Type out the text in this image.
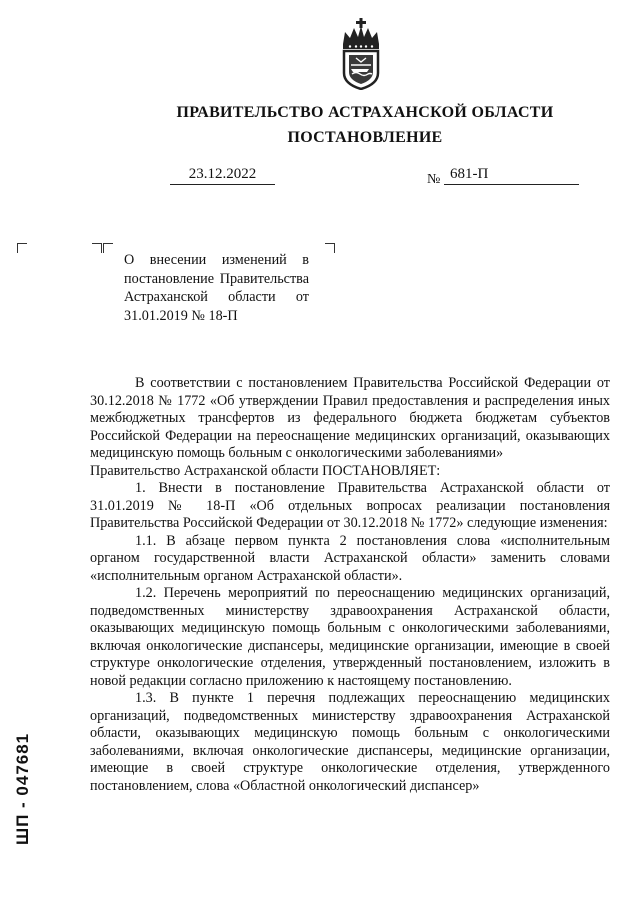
ПРАВИТЕЛЬСТВО АСТРАХАНСКОЙ ОБЛАСТИ
ПОСТАНОВЛЕНИЕ
23.12.2022	№ 681-П

О внесении изменений в постановление Правительства Астраханской области от 31.01.2019 № 18-П

В соответствии с постановлением Правительства Российской Федерации от 30.12.2018 № 1772 «Об утверждении Правил предоставления и распределения иных межбюджетных трансфертов из федерального бюджета бюджетам субъектов Российской Федерации на переоснащение медицинских организаций, оказывающих медицинскую помощь больным с онкологическими заболеваниями»

Правительство Астраханской области ПОСТАНОВЛЯЕТ:

1. Внести в постановление Правительства Астраханской области от 31.01.2019 № 18-П «Об отдельных вопросах реализации постановления Правительства Российской Федерации от 30.12.2018 № 1772» следующие изменения:

1.1. В абзаце первом пункта 2 постановления слова «исполнительным органом государственной власти Астраханской области» заменить словами «исполнительным органом Астраханской области».

1.2. Перечень мероприятий по переоснащению медицинских организаций, подведомственных министерству здравоохранения Астраханской области, оказывающих медицинскую помощь больным с онкологическими заболеваниями, включая онкологические диспансеры, медицинские организации, имеющие в своей структуре онкологические отделения, утвержденный постановлением, изложить в новой редакции согласно приложению к настоящему постановлению.

1.3. В пункте 1 перечня подлежащих переоснащению медицинских организаций, подведомственных министерству здравоохранения Астраханской области, оказывающих медицинскую помощь больным с онкологическими заболеваниями, включая онкологические диспансеры, медицинские организации, имеющие в своей структуре онкологические отделения, утвержденного постановлением, слова «Областной онкологический диспансер»

ШП - 047681
